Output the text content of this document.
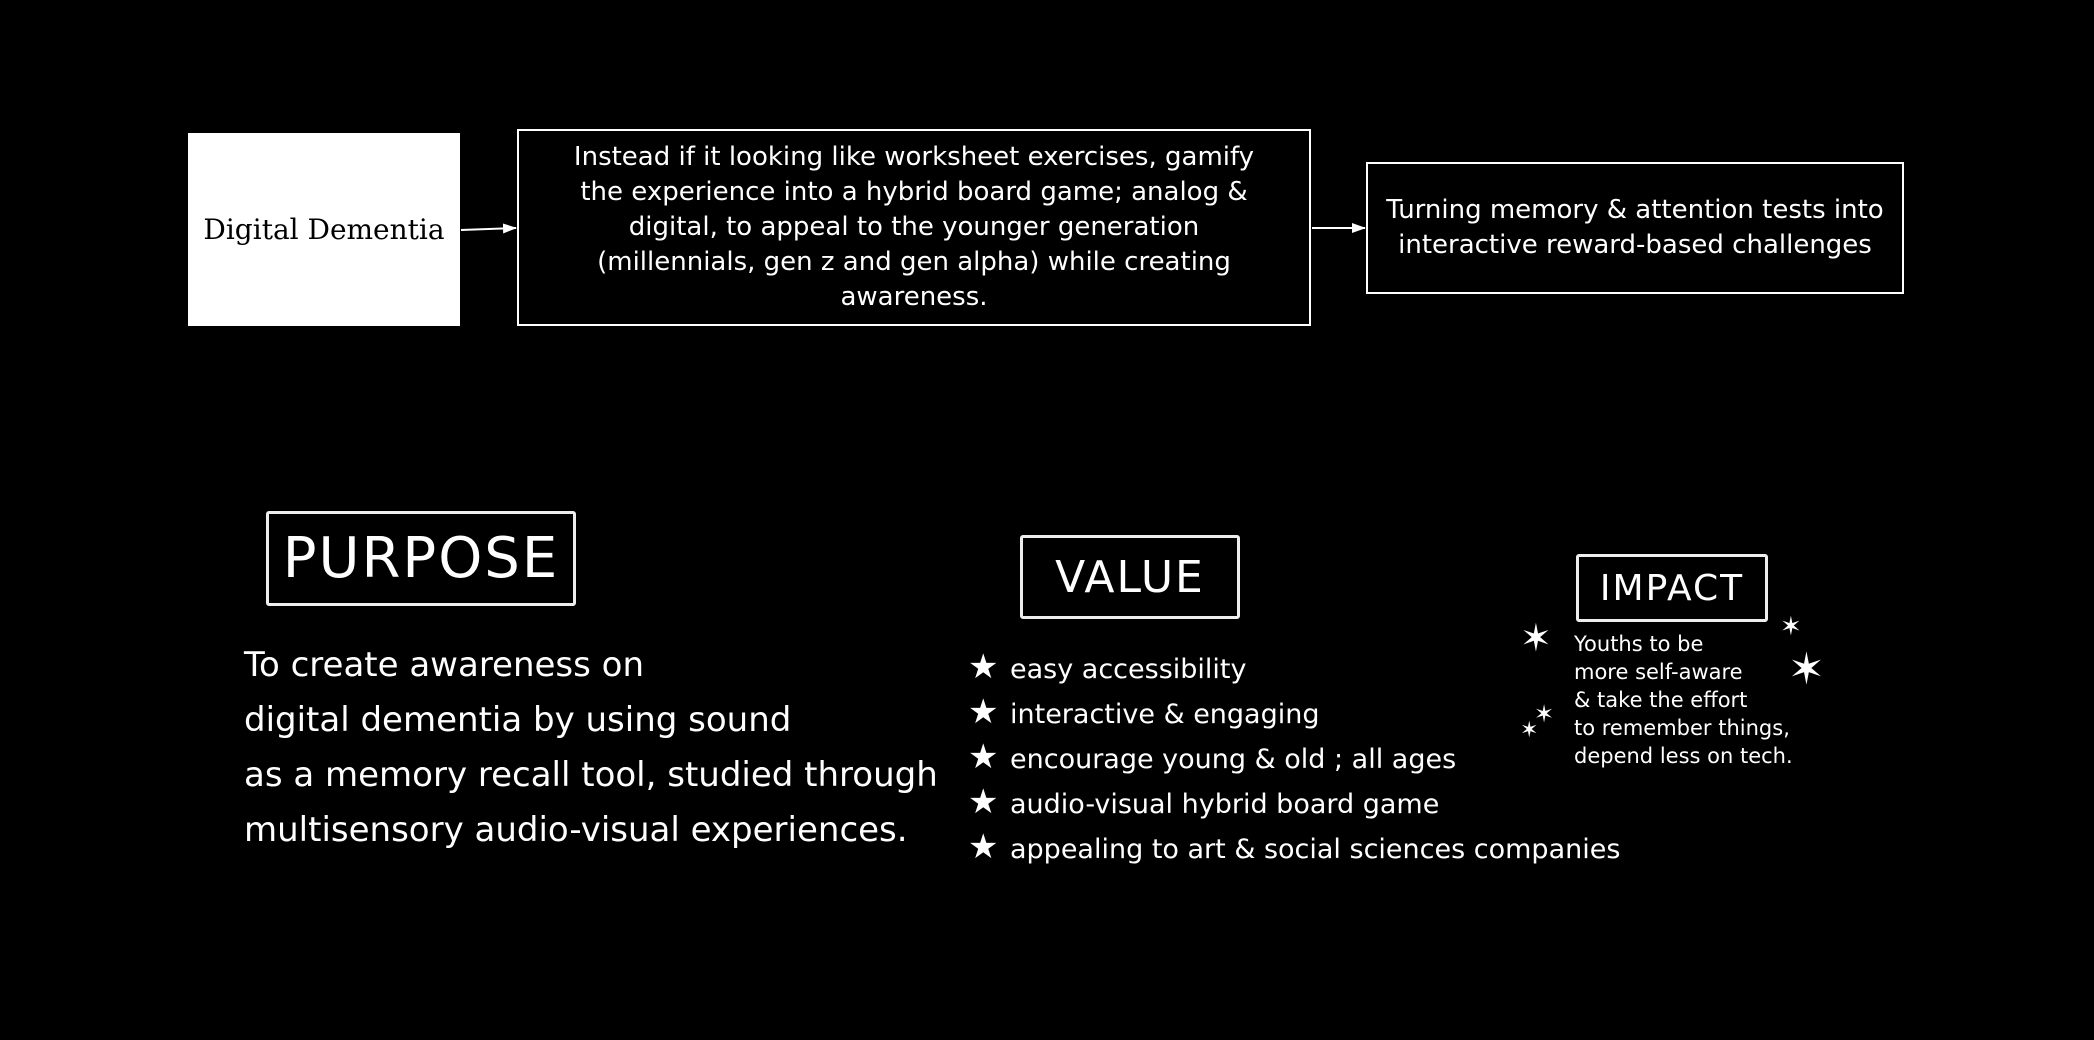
Digital Dementia
Instead if it looking like worksheet exercises, gamify the experience into a hybrid board game; analog & digital, to appeal to the younger generation (millennials, gen z and gen alpha) while creating awareness.
Turning memory & attention tests into interactive reward-based challenges
PURPOSE
To create awareness on
digital dementia by using sound
as a memory recall tool, studied through
multisensory audio-visual experiences.
VALUE
★ easy accessibility
★ interactive & engaging
★ encourage young & old ; all ages
★ audio-visual hybrid board game
★ appealing to art & social sciences companies
IMPACT
Youths to be
more self-aware
& take the effort
to remember things,
depend less on tech.
✶	✶
✶
✶
✶
